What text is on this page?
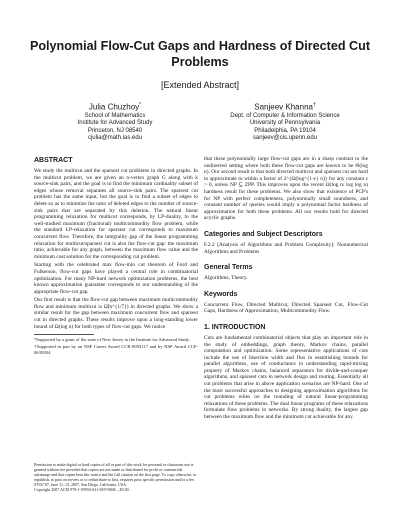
Polynomial Flow-Cut Gaps and Hardness of Directed Cut Problems
[Extended Abstract]
Julia Chuzhoy*
School of Mathematics
Institute for Advanced Study
Princeton, NJ 08540
cjulia@math.ias.edu
Sanjeev Khanna†
Dept. of Computer & Information Science
University of Pennsylvania
Philadelphia, PA 19104
sanjeev@cis.upenn.edu
ABSTRACT

We study the multicut and the sparsest cut problems in directed graphs. In the multicut problem, we are given an n-vertex graph G along with k source-sink pairs, and the goal is to find the minimum cardinality subset of edges whose removal separates all source-sink pairs. The sparsest cut problem has the same input, but the goal is to find a subset of edges to delete so as to minimize the ratio of deleted edges to the number of source-sink pairs that are separated by this deletion. The natural linear programming relaxation for multicut corresponds, by LP-duality, to the well-studied maximum (fractional) multicommodity flow problem, while the standard LP-relaxation for sparsest cut corresponds to maximum concurrent flow. Therefore, the integrality gap of the linear programming relaxation for multicut/sparsest cut is also the flow-cut gap: the maximum ratio, achievable for any graph, between the maximum flow value and the minimum cost solution for the corresponding cut problem.

Starting with the celebrated max flow-min cut theorem of Ford and Fulkerson, flow-cut gaps have played a central role in combinatorial optimization. For many NP-hard network optimization problems, the best known approximation guarantee corresponds to our understanding of the appropriate flow-cut gap.

Our first result is that the flow-cut gap between maximum multicommodity flow and minimum multicut is Ω̃(n^{1/7}) in directed graphs. We show a similar result for the gap between maximum concurrent flow and sparsest cut in directed graphs. These results improve upon a long-standing lower bound of Ω(log n) for both types of flow-cut gaps. We notice

*Supported by a grant of the state of New Jersey to the Institute for Advanced Study.

†Supported in part by an NSF Career Award CCR-0093117 and by NSF Award CCF-0635084.

Permission to make digital or hard copies of all or part of this work for personal or classroom use is granted without fee provided that copies are not made or distributed for profit or commercial advantage and that copies bear this notice and the full citation on the first page. To copy otherwise, to republish, to post on servers or to redistribute to lists, requires prior specific permission and/or a fee.
STOC'07, June 11–13, 2007, San Diego, California, USA.
Copyright 2007 ACM 978-1-59593-631-8/07/0006 ...$5.00.

that these polynomially large flow-cut gaps are in a sharp contrast to the undirected setting where both these flow-cut gaps are known to be Θ(log n). Our second result is that both directed multicut and sparsest cut are hard to approximate to within a factor of 2^{Ω(log^{1-ε} n)} for any constant ε > 0, unless NP ⊆ ZPP. This improves upon the recent Ω(log n/ log log n) hardness result for these problems. We also show that existence of PCP's for NP with perfect completeness, polynomially small soundness, and constant number of queries would imply a polynomial factor hardness of approximation for both these problems. All our results hold for directed acyclic graphs.

Categories and Subject Descriptors

F.2.2 [Analysis of Algorithms and Problem Complexity]: Nonnumerical Algorithms and Problems

General Terms

Algorithms, Theory.

Keywords

Concurrent Flow, Directed Multicut, Directed Sparsest Cut, Flow-Cut Gaps, Hardness of Approximation, Multicommodity Flow.

1. INTRODUCTION

Cuts are fundamental combinatorial objects that play an important role in the study of embeddings, graph theory, Markov chains, parallel computation and optimization. Some representative applications of cuts include the use of bisection width and flux in establishing bounds for parallel algorithms, use of conductance in understanding rapid-mixing property of Markov chains, balanced separators for divide-and-conquer algorithms, and sparsest cuts in network design and routing. Essentially all cut problems that arise in above application scenarios are NP-hard. One of the most successful approaches to designing approximation algorithms for cut problems relies on the rounding of natural linear-programming relaxations of these problems. The dual linear programs of these relaxations formulate flow problems in networks. By strong duality, the largest gap between the maximum flow and the minimum cut achievable for any
